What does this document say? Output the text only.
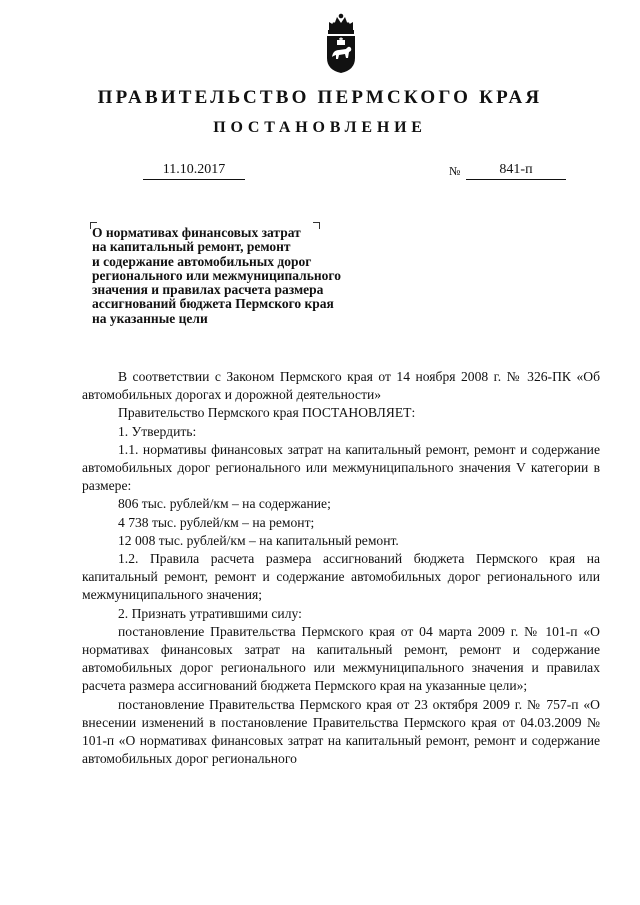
ПРАВИТЕЛЬСТВО ПЕРМСКОГО КРАЯ
ПОСТАНОВЛЕНИЕ
11.10.2017	№	841-п
О нормативах финансовых затрат
на капитальный ремонт, ремонт
и содержание автомобильных дорог
регионального или межмуниципального
значения и правилах расчета размера
ассигнований бюджета Пермского края
на указанные цели

В соответствии с Законом Пермского края от 14 ноября 2008 г. № 326-ПК «Об автомобильных дорогах и дорожной деятельности»

Правительство Пермского края ПОСТАНОВЛЯЕТ:

1. Утвердить:

1.1. нормативы финансовых затрат на капитальный ремонт, ремонт и содержание автомобильных дорог регионального или межмуниципального значения V категории в размере:

806 тыс. рублей/км – на содержание;

4 738 тыс. рублей/км – на ремонт;

12 008 тыс. рублей/км – на капитальный ремонт.

1.2. Правила расчета размера ассигнований бюджета Пермского края на капитальный ремонт, ремонт и содержание автомобильных дорог регионального или межмуниципального значения;

2. Признать утратившими силу:

постановление Правительства Пермского края от 04 марта 2009 г. № 101-п «О нормативах финансовых затрат на капитальный ремонт, ремонт и содержание автомобильных дорог регионального или межмуниципального значения и правилах расчета размера ассигнований бюджета Пермского края на указанные цели»;

постановление Правительства Пермского края от 23 октября 2009 г. № 757-п «О внесении изменений в постановление Правительства Пермского края от 04.03.2009 № 101-п «О нормативах финансовых затрат на капитальный ремонт, ремонт и содержание автомобильных дорог регионального
